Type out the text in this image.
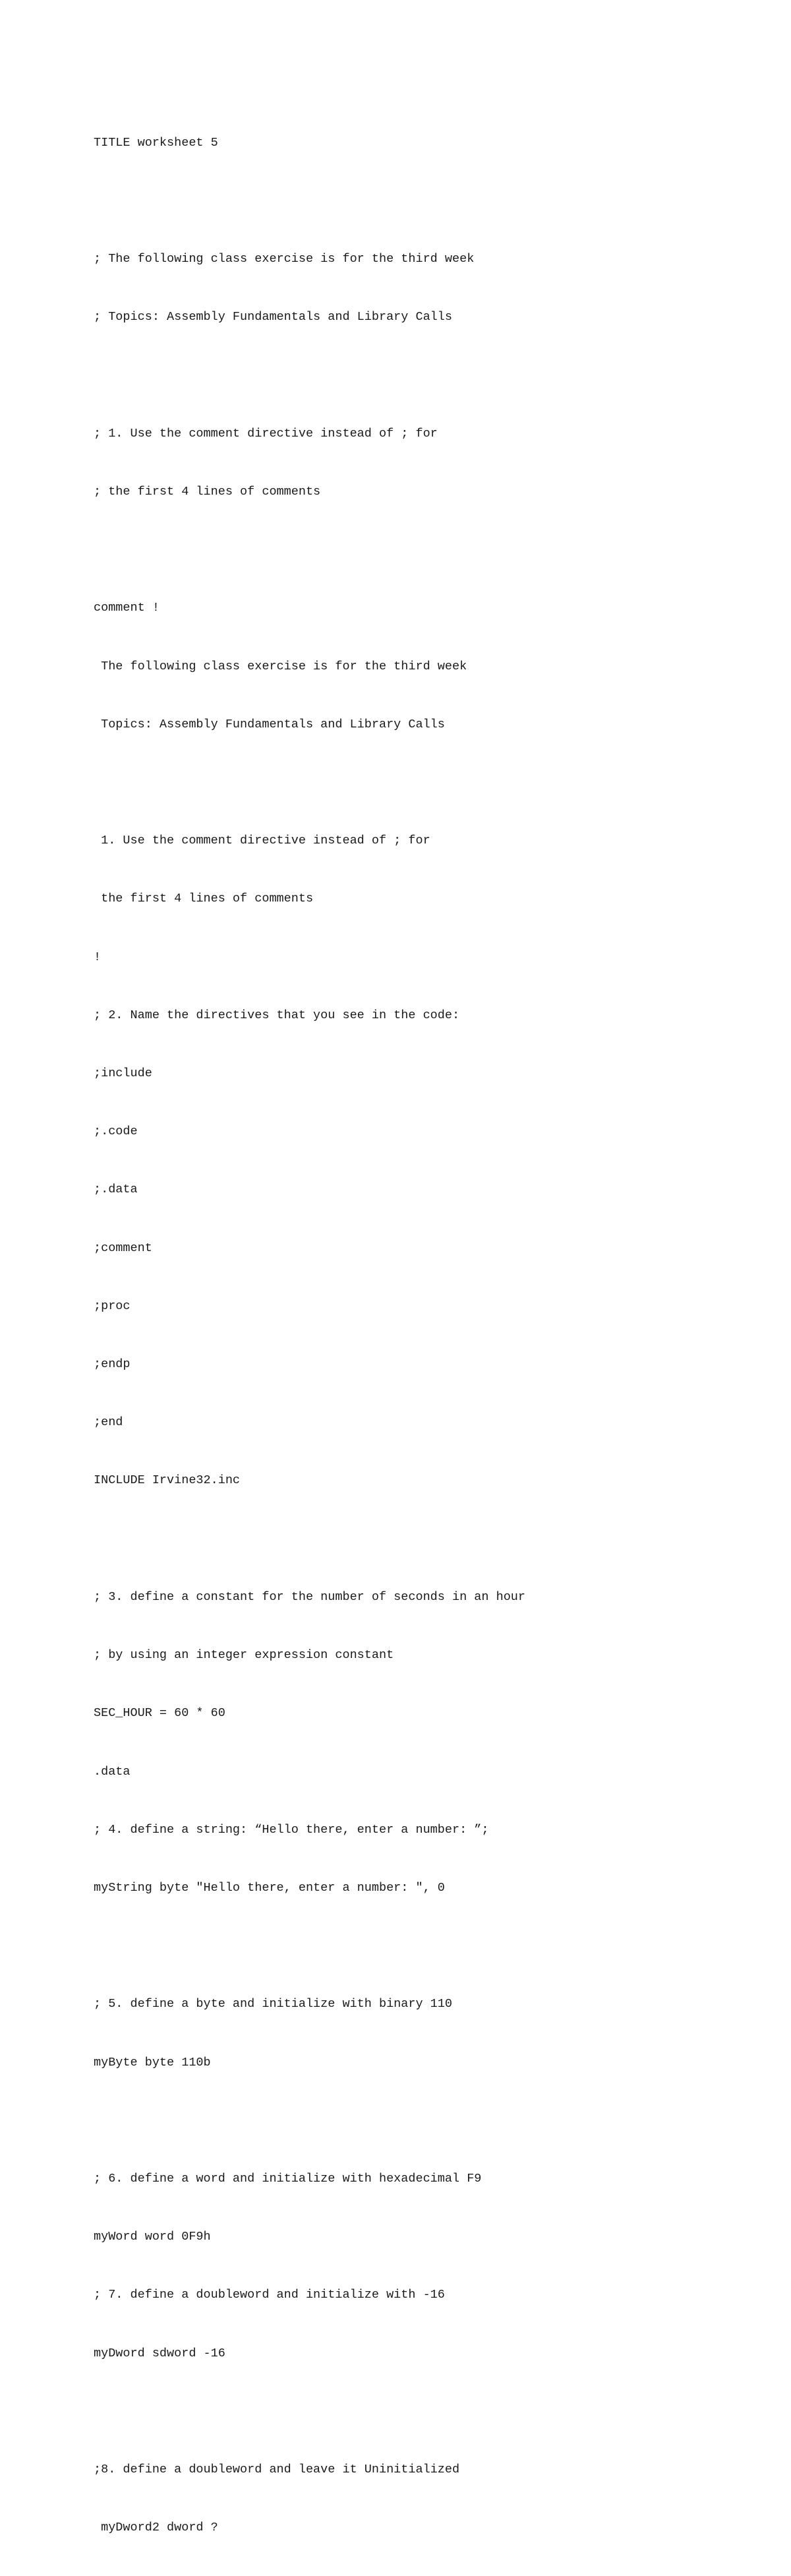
TITLE worksheet 5

; The following class exercise is for the third week

; Topics: Assembly Fundamentals and Library Calls

; 1. Use the comment directive instead of ; for

; the first 4 lines of comments

comment !

The following class exercise is for the third week

Topics: Assembly Fundamentals and Library Calls

1. Use the comment directive instead of ; for

the first 4 lines of comments

!

; 2. Name the directives that you see in the code:

;include

;.code

;.data

;comment

;proc

;endp

;end

INCLUDE Irvine32.inc

; 3. define a constant for the number of seconds in an hour

; by using an integer expression constant

SEC_HOUR = 60 * 60

.data

; 4. define a string: “Hello there, enter a number: ”;

myString byte "Hello there, enter a number: ", 0

; 5. define a byte and initialize with binary 110

myByte byte 110b

; 6. define a word and initialize with hexadecimal F9

myWord word 0F9h

; 7. define a doubleword and initialize with -16

myDword sdword -16

;8. define a doubleword and leave it Uninitialized

myDword2 dword ?
